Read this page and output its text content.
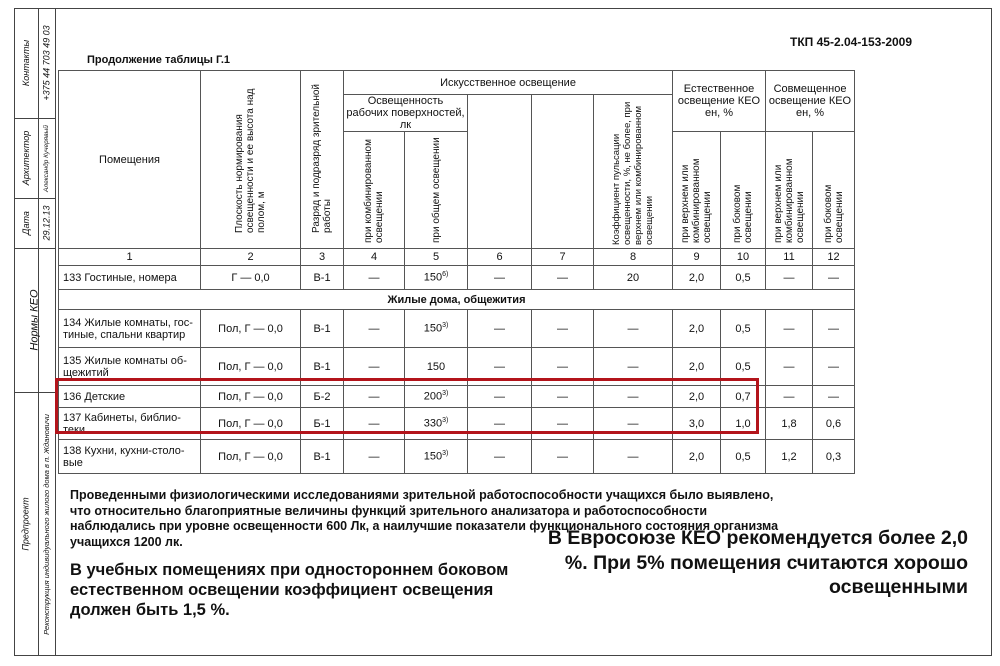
Контакты +375 44 703 49 03
Архитектор Александр Кучерявый
Дата 29.12.13
Нормы КЕО
Предпроект Реконструкция индивидуального жилого дома в п. Ждановичи
ТКП 45-2.04-153-2009
Продолжение таблицы Г.1
Помещения	Плоскость нормирования освещенности и ее высота над полом, м	Разряд и подразряд зрительной работы	Искусственное освещение					Естественное освещение КЕО eн, %		Совмещенное освещение КЕО eн, %	
			Освещенность рабочих поверхностей, лк				Коэффициент пульсации освещенности, %, не более, при верхнем или комбинированном освещении				
			при комбинированном освещении	при общем освещении				при верхнем или комбинированном освещении	при боковом освещении	при верхнем или комбинированном освещении	при боковом освещении
1	2	3	4	5	6	7	8	9	10	11	12
133 Гостиные, номера	Г — 0,0	В-1	—	150$^{6)}$	—	—	20	2,0	0,5	—	—
Жилые дома, общежития											

134 Жилые комнаты, гос-
тиные, спальни квартир	Пол, Г — 0,0	В-1	—	150$^{3)}$	—	—	—	2,0	0,5	—	—

135 Жилые комнаты об-
щежитий	Пол, Г — 0,0	В-1	—	150	—	—	—	2,0	0,5	—	—
136 Детские	Пол, Г — 0,0	Б-2	—	200$^{3)}$	—	—	—	2,0	0,7	—	—

137 Кабинеты, библио-
теки	Пол, Г — 0,0	Б-1	—	330$^{3)}$	—	—	—	3,0	1,0	1,8	0,6

138 Кухни, кухни-столо-
вые	Пол, Г — 0,0	В-1	—	150$^{3)}$	—	—	—	2,0	0,5	1,2	0,3
Проведенными физиологическими исследованиями зрительной работоспособности учащихся было выявлено, что относительно благоприятные величины функций зрительного анализатора и работоспособности наблюдались при уровне освещенности 600 Лк, а наилучшие показатели функционального состояния организма учащихся 1200 лк.
В учебных помещениях при одностороннем боковом естественном освещении коэффициент освещения должен быть 1,5 %.
В Евросоюзе КЕО рекомендуется более 2,0 %. При 5% помещения считаются хорошо освещенными
